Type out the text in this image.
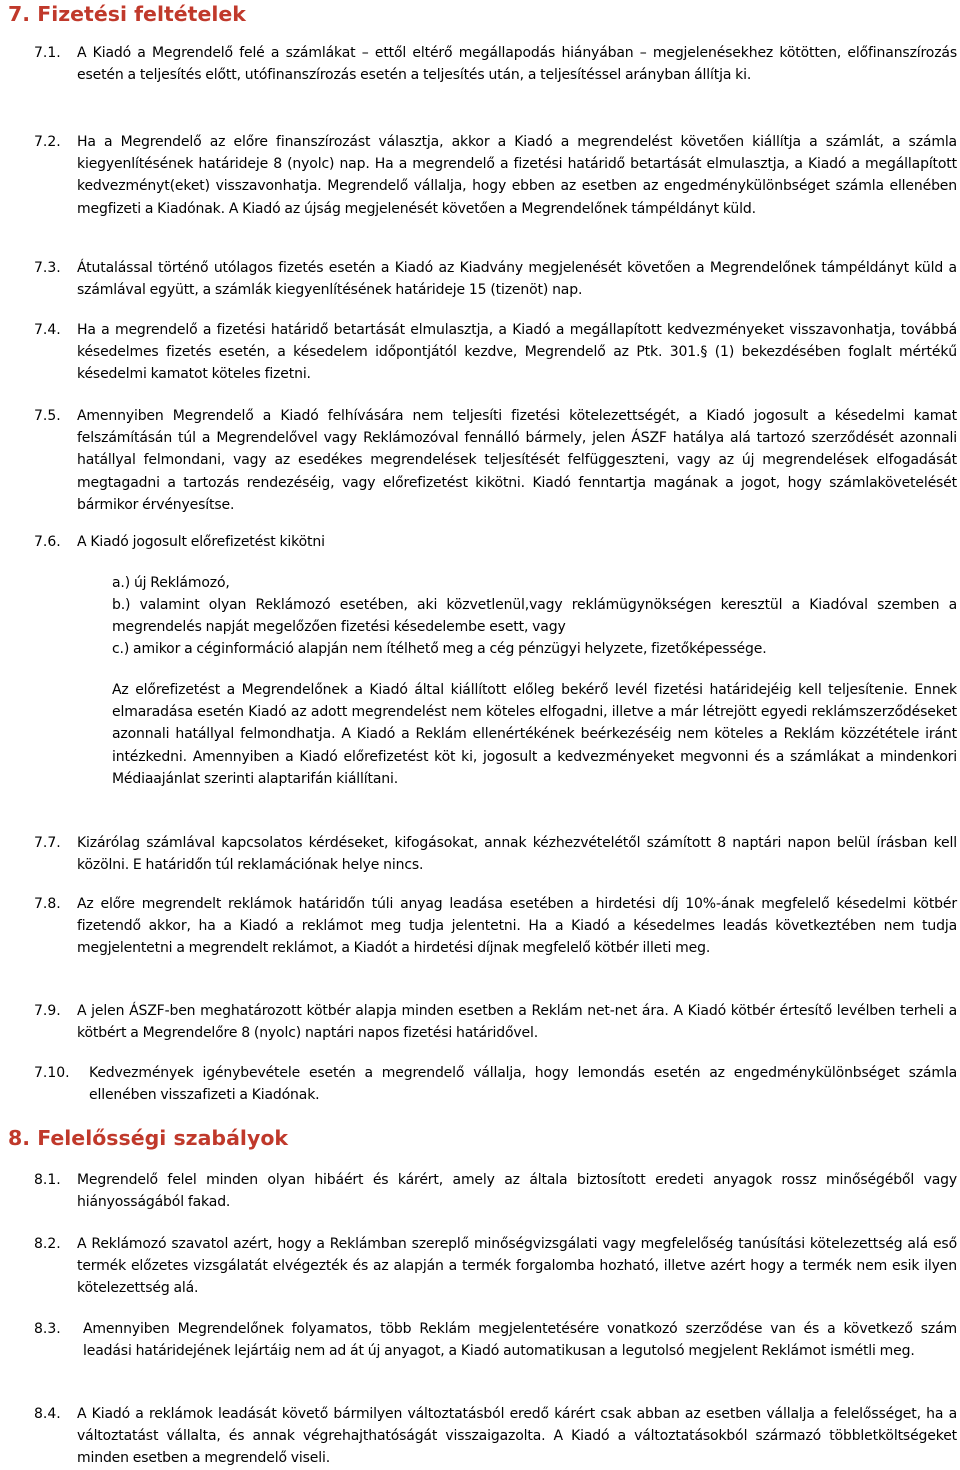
7. Fizetési feltételek
7.1. A Kiadó a Megrendelő felé a számlákat – ettől eltérő megállapodás hiányában – megjelenésekhez kötötten, előfinanszírozás esetén a teljesítés előtt, utófinanszírozás esetén a teljesítés után, a teljesítéssel arányban állítja ki.

7.2. Ha a Megrendelő az előre finanszírozást választja, akkor a Kiadó a megrendelést követően kiállítja a számlát, a számla kiegyenlítésének határideje 8 (nyolc) nap. Ha a megrendelő a fizetési határidő betartását elmulasztja, a Kiadó a megállapított kedvezményt(eket) visszavonhatja. Megrendelő vállalja, hogy ebben az esetben az engedménykülönbséget számla ellenében megfizeti a Kiadónak. A Kiadó az újság megjelenését követően a Megrendelőnek támpéldányt küld.

7.3. Átutalással történő utólagos fizetés esetén a Kiadó az Kiadvány megjelenését követően a Megrendelőnek támpéldányt küld a számlával együtt, a számlák kiegyenlítésének határideje 15 (tizenöt) nap.

7.4. Ha a megrendelő a fizetési határidő betartását elmulasztja, a Kiadó a megállapított kedvezményeket visszavonhatja, továbbá késedelmes fizetés esetén, a késedelem időpontjától kezdve, Megrendelő az Ptk. 301.§ (1) bekezdésében foglalt mértékű késedelmi kamatot köteles fizetni.

7.5. Amennyiben Megrendelő a Kiadó felhívására nem teljesíti fizetési kötelezettségét, a Kiadó jogosult a késedelmi kamat felszámításán túl a Megrendelővel vagy Reklámozóval fennálló bármely, jelen ÁSZF hatálya alá tartozó szerződését azonnali hatállyal felmondani, vagy az esedékes megrendelések teljesítését felfüggeszteni, vagy az új megrendelések elfogadását megtagadni a tartozás rendezéséig, vagy előrefizetést kikötni. Kiadó fenntartja magának a jogot, hogy számlakövetelését bármikor érvényesítse.

7.6. A Kiadó jogosult előrefizetést kikötni

a.) új Reklámozó,

b.) valamint olyan Reklámozó esetében, aki közvetlenül,vagy reklámügynökségen keresztül a Kiadóval szemben a megrendelés napját megelőzően fizetési késedelembe esett, vagy

c.) amikor a céginformáció alapján nem ítélhető meg a cég pénzügyi helyzete, fizetőképessége.

Az előrefizetést a Megrendelőnek a Kiadó által kiállított előleg bekérő levél fizetési határidejéig kell teljesítenie. Ennek elmaradása esetén Kiadó az adott megrendelést nem köteles elfogadni, illetve a már létrejött egyedi reklámszerződéseket azonnali hatállyal felmondhatja. A Kiadó a Reklám ellenértékének beérkezéséig nem köteles a Reklám közzététele iránt intézkedni. Amennyiben a Kiadó előrefizetést köt ki, jogosult a kedvezményeket megvonni és a számlákat a mindenkori Médiaajánlat szerinti alaptarifán kiállítani.

7.7. Kizárólag számlával kapcsolatos kérdéseket, kifogásokat, annak kézhezvételétől számított 8 naptári napon belül írásban kell közölni. E határidőn túl reklamációnak helye nincs.

7.8. Az előre megrendelt reklámok határidőn túli anyag leadása esetében a hirdetési díj 10%-ának megfelelő késedelmi kötbér fizetendő akkor, ha a Kiadó a reklámot meg tudja jelentetni. Ha a Kiadó a késedelmes leadás következtében nem tudja megjelentetni a megrendelt reklámot, a Kiadót a hirdetési díjnak megfelelő kötbér illeti meg.

7.9. A jelen ÁSZF-ben meghatározott kötbér alapja minden esetben a Reklám net-net ára. A Kiadó kötbér értesítő levélben terheli a kötbért a Megrendelőre 8 (nyolc) naptári napos fizetési határidővel.

7.10. Kedvezmények igénybevétele esetén a megrendelő vállalja, hogy lemondás esetén az engedménykülönbséget számla ellenében visszafizeti a Kiadónak.

8. Felelősségi szabályok
8.1. Megrendelő felel minden olyan hibáért és kárért, amely az általa biztosított eredeti anyagok rossz minőségéből vagy hiányosságából fakad.

8.2. A Reklámozó szavatol azért, hogy a Reklámban szereplő minőségvizsgálati vagy megfelelőség tanúsítási kötelezettség alá eső termék előzetes vizsgálatát elvégezték és az alapján a termék forgalomba hozható, illetve azért hogy a termék nem esik ilyen kötelezettség alá.

8.3. Amennyiben Megrendelőnek folyamatos, több Reklám megjelentetésére vonatkozó szerződése van és a következő szám leadási határidejének lejártáig nem ad át új anyagot, a Kiadó automatikusan a legutolsó megjelent Reklámot ismétli meg.

8.4. A Kiadó a reklámok leadását követő bármilyen változtatásból eredő kárért csak abban az esetben vállalja a felelősséget, ha a változtatást vállalta, és annak végrehajthatóságát visszaigazolta. A Kiadó a változtatásokból származó többletköltségeket minden esetben a megrendelő viseli.
